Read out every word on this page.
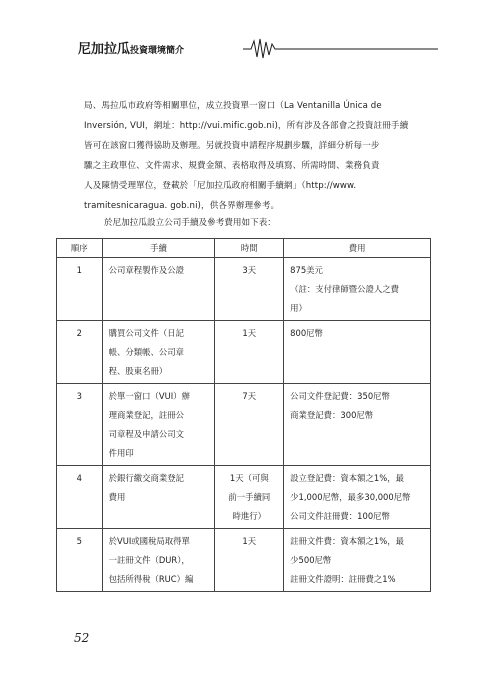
尼加拉瓜投資環境簡介
局、馬拉瓜市政府等相關單位，成立投資單一窗口（La Ventanilla Única de
Inversión, VUI，網址：http://vui.mific.gob.ni)，所有涉及各部會之投資註冊手續
皆可在該窗口獲得協助及辦理。另就投資申請程序規劃步驟，詳細分析每一步
驟之主政單位、文件需求、規費金額、表格取得及填寫、所需時間、業務負責
人及陳情受理單位，登載於「尼加拉瓜政府相關手續網」（http://www.
tramitesnicaragua. gob.ni)，供各界辦理參考。
於尼加拉瓜設立公司手續及參考費用如下表：
順序	手續	時間	費用
1	公司章程製作及公證	3天	875美元
（註：支付律師暨公證人之費
用）

2	購買公司文件（日記
帳、分類帳、公司章
程、股東名冊）	1天	800尼幣

3	於單一窗口（VUI）辦
理商業登記，註冊公
司章程及申請公司文
件用印	7天	公司文件登記費：350尼幣
商業登記費：300尼幣

4	於銀行繳交商業登記
費用	1天（可與
前一手續同
時進行）	設立登記費：資本額之1%，最
少1,000尼幣，最多30,000尼幣
公司文件註冊費：100尼幣

5	於VUI或國稅局取得單
一註冊文件（DUR），
包括所得稅（RUC）編	1天	註冊文件費：資本額之1%，最
少500尼幣
註冊文件證明：註冊費之1%
52
